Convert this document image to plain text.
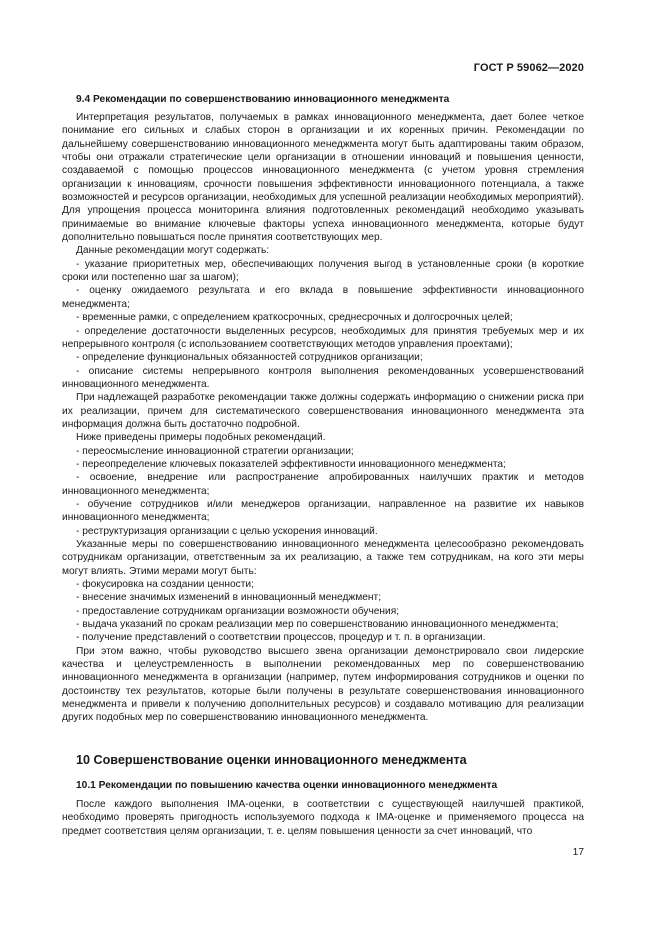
ГОСТ Р 59062—2020
9.4 Рекомендации по совершенствованию инновационного менеджмента

Интерпретация результатов, получаемых в рамках инновационного менеджмента, дает более четкое понимание его сильных и слабых сторон в организации и их коренных причин. Рекомендации по дальнейшему совершенствованию инновационного менеджмента могут быть адаптированы таким образом, чтобы они отражали стратегические цели организации в отношении инноваций и повышения ценности, создаваемой с помощью процессов инновационного менеджмента (с учетом уровня стремления организации к инновациям, срочности повышения эффективности инновационного потенциала, а также возможностей и ресурсов организации, необходимых для успешной реализации необходимых мероприятий). Для упрощения процесса мониторинга влияния подготовленных рекомендаций необходимо указывать принимаемые во внимание ключевые факторы успеха инновационного менеджмента, которые будут дополнительно повышаться после принятия соответствующих мер.

Данные рекомендации могут содержать:

- указание приоритетных мер, обеспечивающих получения выгод в установленные сроки (в короткие сроки или постепенно шаг за шагом);

- оценку ожидаемого результата и его вклада в повышение эффективности инновационного менеджмента;

- временные рамки, с определением краткосрочных, среднесрочных и долгосрочных целей;

- определение достаточности выделенных ресурсов, необходимых для принятия требуемых мер и их непрерывного контроля (с использованием соответствующих методов управления проектами);

- определение функциональных обязанностей сотрудников организации;

- описание системы непрерывного контроля выполнения рекомендованных усовершенствований инновационного менеджмента.

При надлежащей разработке рекомендации также должны содержать информацию о снижении риска при их реализации, причем для систематического совершенствования инновационного менеджмента эта информация должна быть достаточно подробной.

Ниже приведены примеры подобных рекомендаций.

- переосмысление инновационной стратегии организации;

- переопределение ключевых показателей эффективности инновационного менеджмента;

- освоение, внедрение или распространение апробированных наилучших практик и методов инновационного менеджмента;

- обучение сотрудников и/или менеджеров организации, направленное на развитие их навыков инновационного менеджмента;

- реструктуризация организации с целью ускорения инноваций.

Указанные меры по совершенствованию инновационного менеджмента целесообразно рекомендовать сотрудникам организации, ответственным за их реализацию, а также тем сотрудникам, на кого эти меры могут влиять. Этими мерами могут быть:

- фокусировка на создании ценности;

- внесение значимых изменений в инновационный менеджмент;

- предоставление сотрудникам организации возможности обучения;

- выдача указаний по срокам реализации мер по совершенствованию инновационного менеджмента;

- получение представлений о соответствии процессов, процедур и т. п. в организации.

При этом важно, чтобы руководство высшего звена организации демонстрировало свои лидерские качества и целеустремленность в выполнении рекомендованных мер по совершенствованию инновационного менеджмента в организации (например, путем информирования сотрудников и оценки по достоинству тех результатов, которые были получены в результате совершенствования инновационного менеджмента и привели к получению дополнительных ресурсов) и создавало мотивацию для реализации других подобных мер по совершенствованию инновационного менеджмента.

10 Совершенствование оценки инновационного менеджмента
10.1 Рекомендации по повышению качества оценки инновационного менеджмента

После каждого выполнения IMA-оценки, в соответствии с существующей наилучшей практикой, необходимо проверять пригодность используемого подхода к IMA-оценке и применяемого процесса на предмет соответствия целям организации, т. е. целям повышения ценности за счет инноваций, что

17
